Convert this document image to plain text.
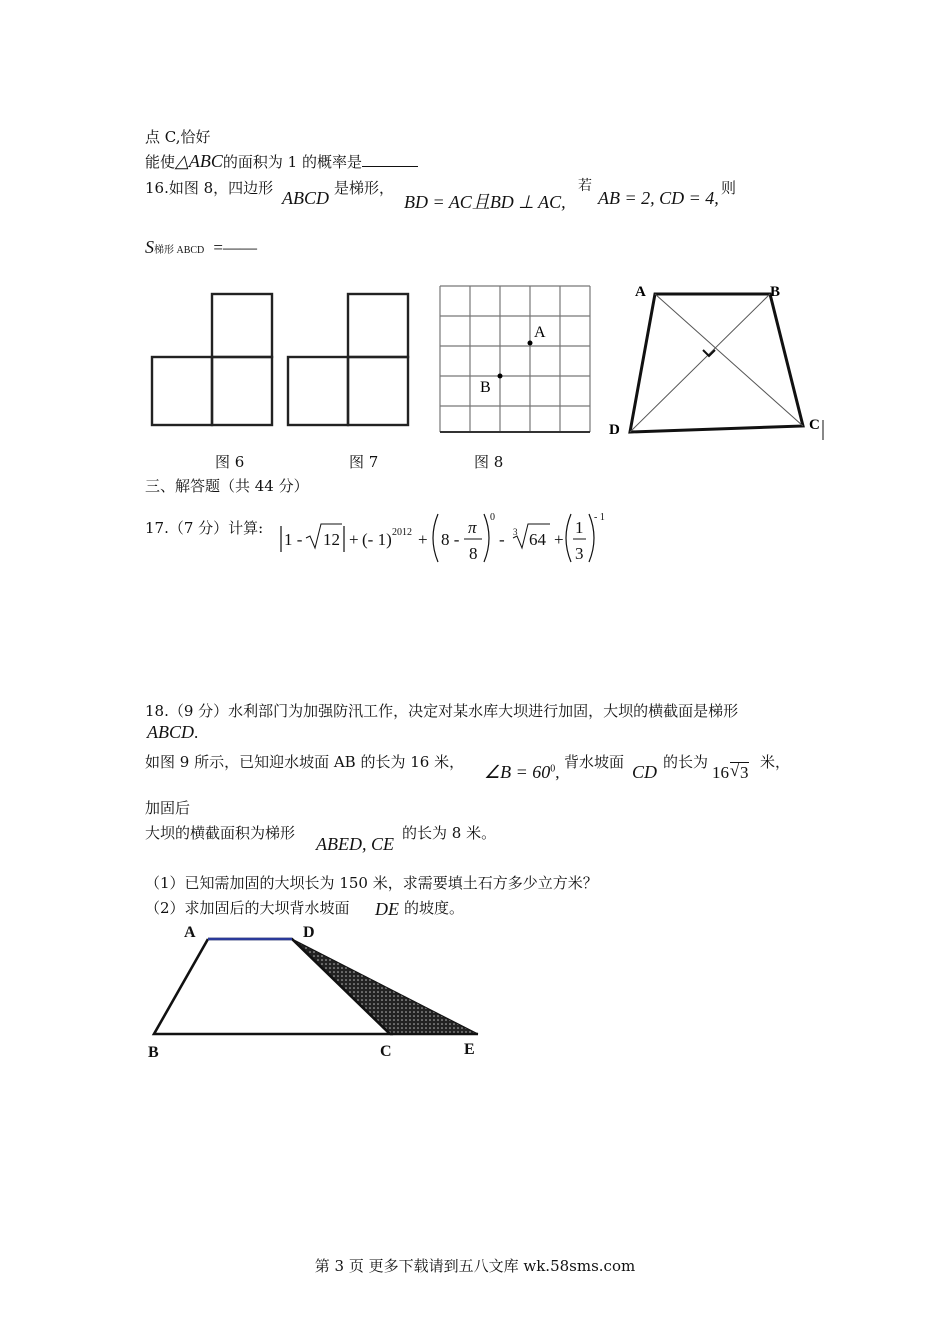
点 C,恰好
能使△ABC的面积为 1 的概率是
16.如图 8，四边形 ABCD 是梯形，
BD = AC且BD ⊥ AC,
若
AB = 2, CD = 4, 则
S梯形 ABCD =——
A
B
A	B
C
D
图 6	图 7	图 8
三、解答题（共 44 分）
17.（7 分）计算:
1 - 12 + (- 1) 2012 + 8 -
π
8
0
- 3 64 +
1
3
- 1
18.（9 分）水利部门为加强防汛工作，决定对某水库大坝进行加固，大坝的横截面是梯形
ABCD.
如图 9 所示，已知迎水坡面 AB 的长为 16 米， ∠B = $60^0$,
背水坡面 CD 的长为
16 √ 3
米，
加固后
大坝的横截面积为梯形
ABED, CE
的长为 8 米。
（1）已知需加固的大坝长为 150 米，求需要填土石方多少立方米？
（2）求加固后的大坝背水坡面 DE 的坡度。
A	D
B	C	E
第 3 页 更多下载请到五八文库 wk.58sms.com
